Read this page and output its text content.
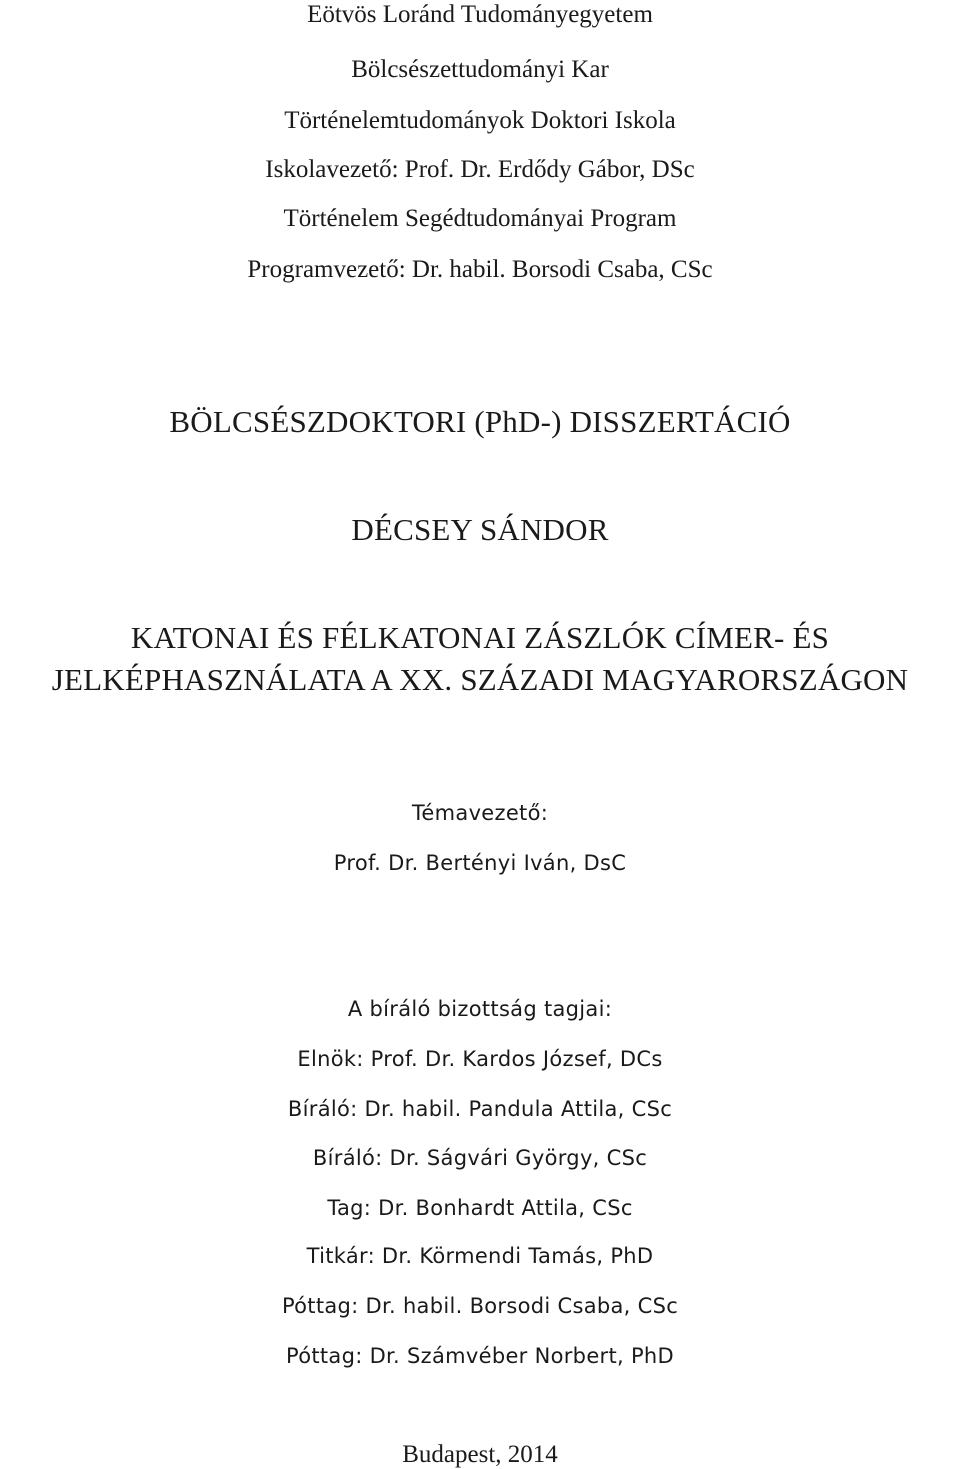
Eötvös Loránd Tudományegyetem
Bölcsészettudományi Kar
Történelemtudományok Doktori Iskola
Iskolavezető: Prof. Dr. Erdődy Gábor, DSc
Történelem Segédtudományai Program
Programvezető: Dr. habil. Borsodi Csaba, CSc
BÖLCSÉSZDOKTORI (PhD-) DISSZERTÁCIÓ
DÉCSEY SÁNDOR
KATONAI ÉS FÉLKATONAI ZÁSZLÓK CÍMER- ÉS
JELKÉPHASZNÁLATA A XX. SZÁZADI MAGYARORSZÁGON
Témavezető:
Prof. Dr. Bertényi Iván, DsC
A bíráló bizottság tagjai:
Elnök: Prof. Dr. Kardos József, DCs
Bíráló: Dr. habil. Pandula Attila, CSc
Bíráló: Dr. Ságvári György, CSc
Tag: Dr. Bonhardt Attila, CSc
Titkár: Dr. Körmendi Tamás, PhD
Póttag: Dr. habil. Borsodi Csaba, CSc
Póttag: Dr. Számvéber Norbert, PhD
Budapest, 2014
